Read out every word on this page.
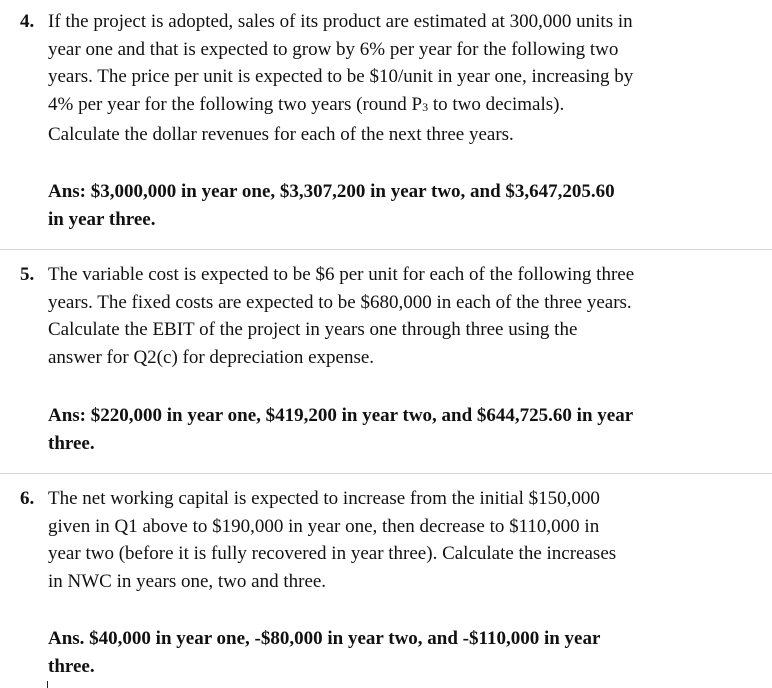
4. If the project is adopted, sales of its product are estimated at 300,000 units in
year one and that is expected to grow by 6% per year for the following two
years. The price per unit is expected to be $10/unit in year one, increasing by
4% per year for the following two years (round $P_3$ to two decimals).
Calculate the dollar revenues for each of the next three years.
Ans: $3,000,000 in year one, $3,307,200 in year two, and $3,647,205.60
in year three.
5. The variable cost is expected to be $6 per unit for each of the following three
years. The fixed costs are expected to be $680,000 in each of the three years.
Calculate the EBIT of the project in years one through three using the
answer for Q2(c) for depreciation expense.
Ans: $220,000 in year one, $419,200 in year two, and $644,725.60 in year
three.
6. The net working capital is expected to increase from the initial $150,000
given in Q1 above to $190,000 in year one, then decrease to $110,000 in
year two (before it is fully recovered in year three). Calculate the increases
in NWC in years one, two and three.
Ans. $40,000 in year one, -$80,000 in year two, and -$110,000 in year
three.
